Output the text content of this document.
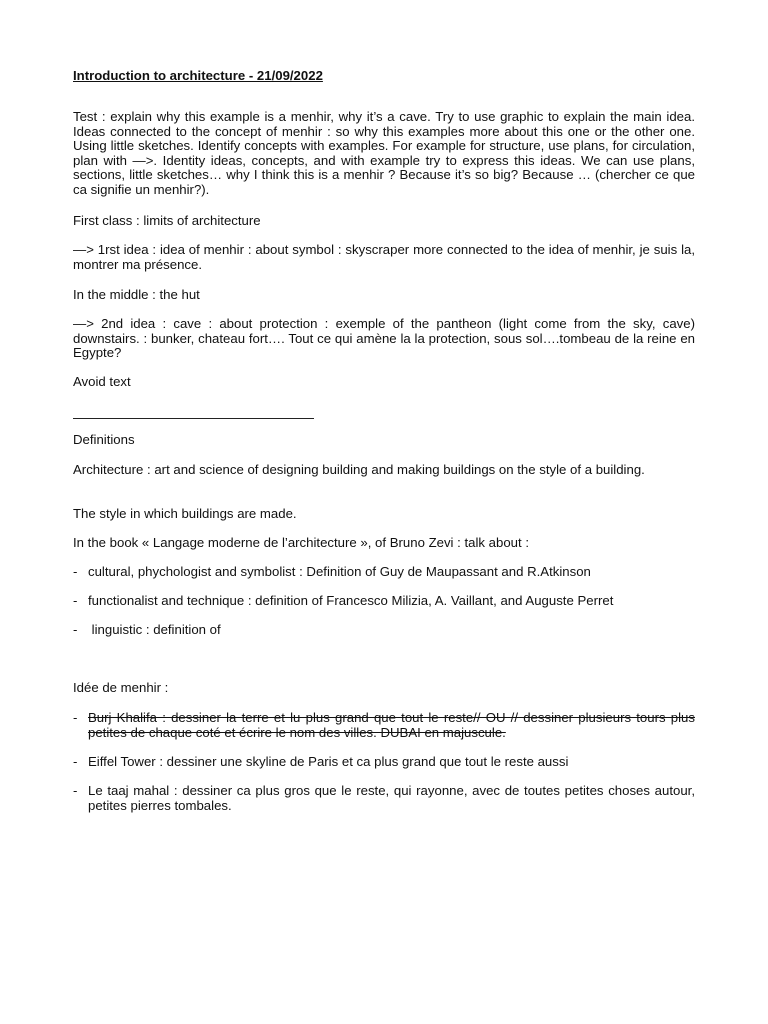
Introduction to architecture - 21/09/2022

Test : explain why this example is a menhir, why it’s a cave. Try to use graphic to explain the main idea. Ideas connected to the concept of menhir : so why this examples more about this one or the other one. Using little sketches. Identify concepts with examples. For example for structure, use plans, for circulation, plan with —>. Identity ideas, concepts, and with example try to express this ideas. We can use plans, sections, little sketches… why I think this is a menhir ? Because it’s so big? Because … (chercher ce que ca signifie un menhir?).

First class : limits of architecture

—> 1rst idea : idea of menhir : about symbol : skyscraper more connected to the idea of menhir, je suis la, montrer ma présence.

In the middle : the hut

—> 2nd idea : cave : about protection : exemple of the pantheon (light come from the sky, cave) downstairs. : bunker, chateau fort…. Tout ce qui amène la la protection, sous sol….tombeau de la reine en Egypte?

Avoid text

Definitions

Architecture : art and science of designing building and making buildings on the style of a building.

The style in which buildings are made.

In the book « Langage moderne de l’architecture », of Bruno Zevi : talk about :

- cultural, phychologist and symbolist : Definition of Guy de Maupassant and R.Atkinson
- functionalist and technique : definition of Francesco Milizia, A. Vaillant, and Auguste Perret
- linguistic : definition of

Idée de menhir :

- Burj Khalifa : dessiner la terre et lu plus grand que tout le reste// OU // dessiner plusieurs tours plus petites de chaque coté et écrire le nom des villes. DUBAI en majuscule.
- Eiffel Tower : dessiner une skyline de Paris et ca plus grand que tout le reste aussi
- Le taaj mahal : dessiner ca plus gros que le reste, qui rayonne, avec de toutes petites choses autour, petites pierres tombales.
